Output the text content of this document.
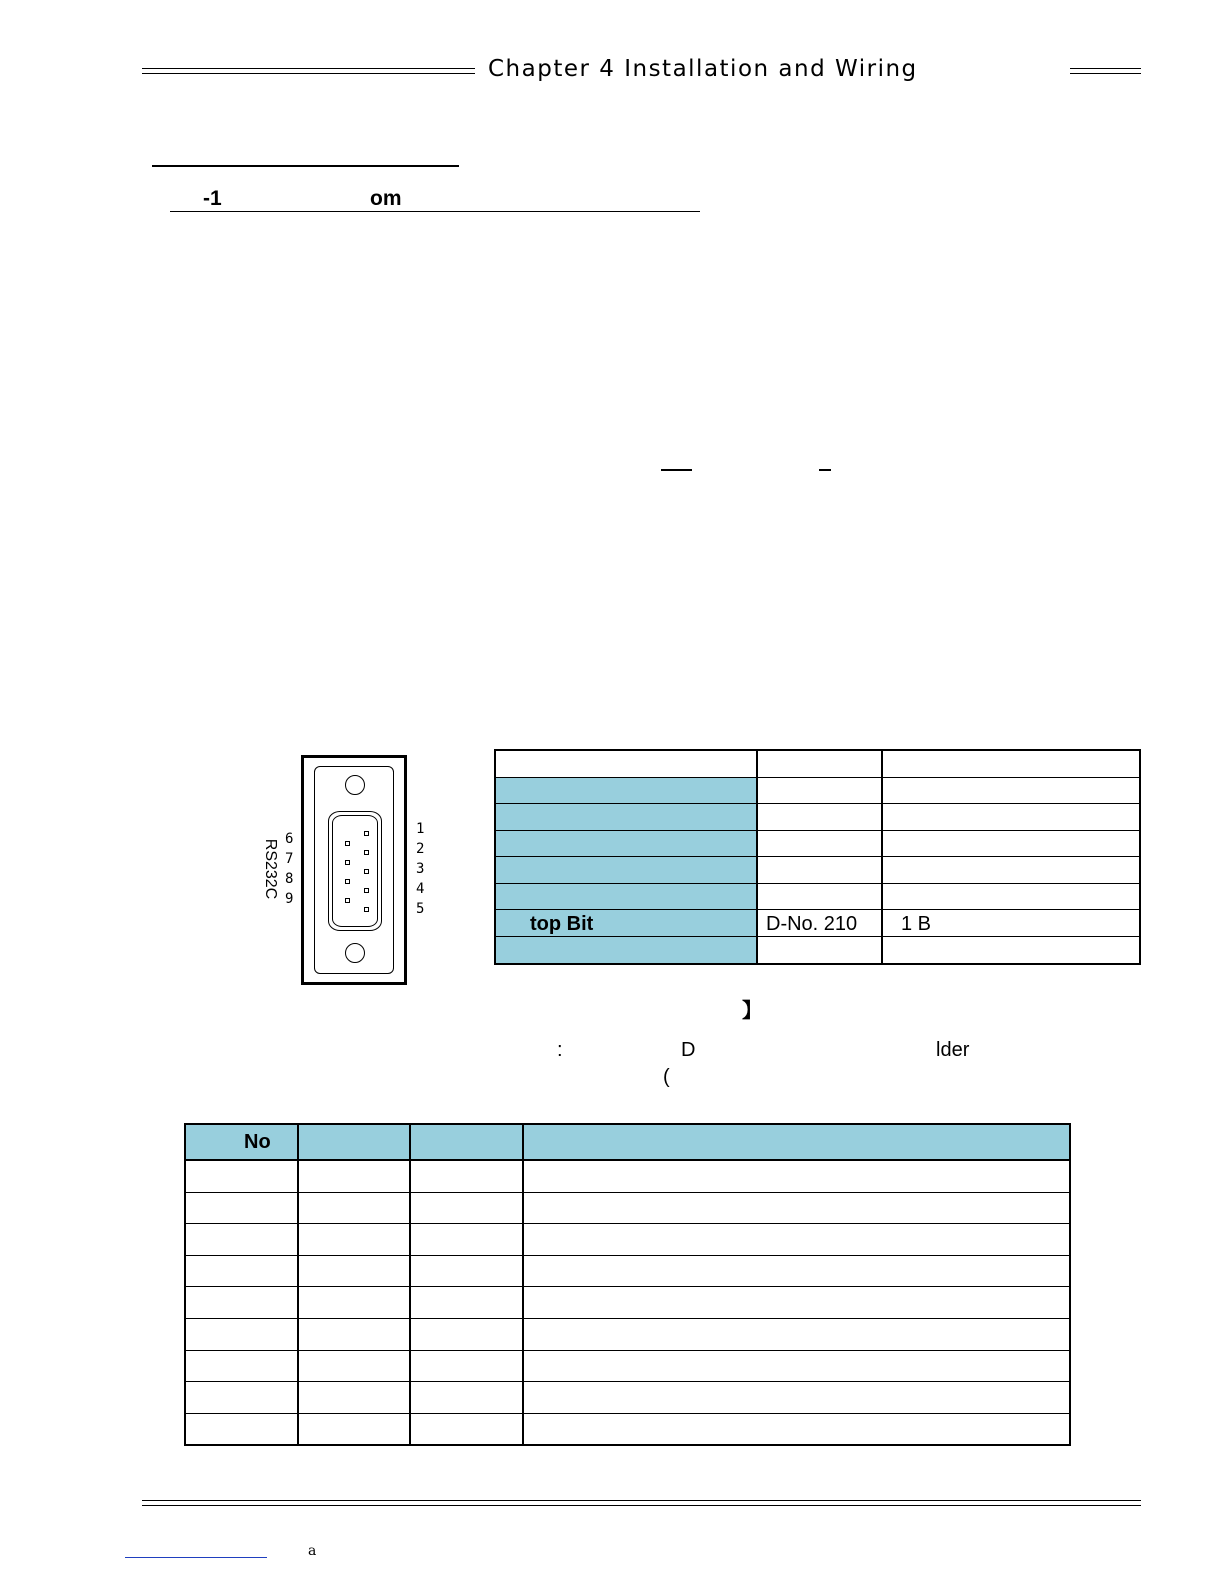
Chapter 4 Installation and Wiring
-1	om
RS232C 6
7
8
9
1
2
3
4
5
top Bit	D-No. 210 1 B
】
:	D	lder
(
No
a
